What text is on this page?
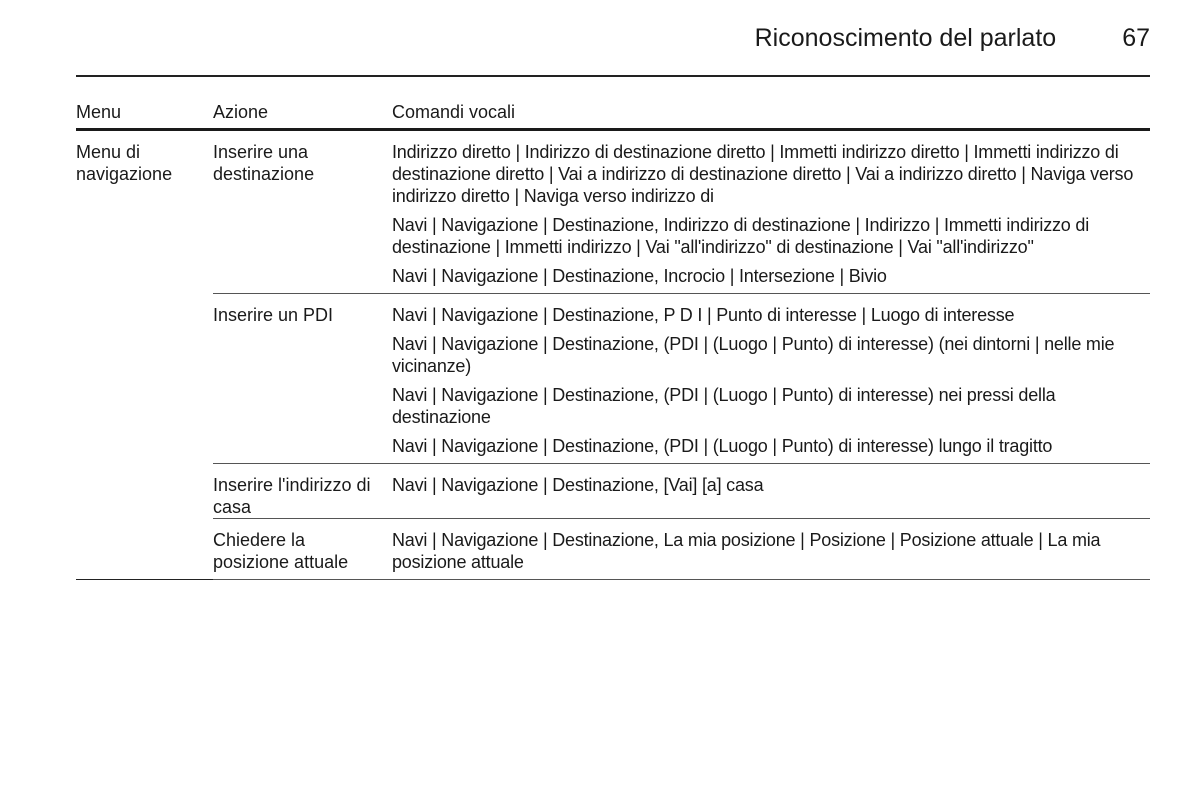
Riconoscimento del parlato	67
Menu	Azione	Comandi vocali
Menu di navigazione	Inserire una destinazione	Indirizzo diretto | Indirizzo di destinazione diretto | Immetti indirizzo diretto | Immetti indirizzo di destinazione diretto | Vai a indirizzo di destinazione diretto | Vai a indirizzo diretto | Naviga verso indirizzo diretto | Naviga verso indirizzo di
Navi | Navigazione | Destinazione, Indirizzo di destinazione | Indirizzo | Immetti indirizzo di destinazione | Immetti indirizzo | Vai "all'indirizzo" di destinazione | Vai "all'indirizzo"
Navi | Navigazione | Destinazione, Incrocio | Intersezione | Bivio

	Inserire un PDI	Navi | Navigazione | Destinazione, P D I | Punto di interesse | Luogo di interesse
Navi | Navigazione | Destinazione, (PDI | (Luogo | Punto) di interesse) (nei dintorni | nelle mie vicinanze)
Navi | Navigazione | Destinazione, (PDI | (Luogo | Punto) di interesse) nei pressi della destinazione
Navi | Navigazione | Destinazione, (PDI | (Luogo | Punto) di interesse) lungo il tragitto

	Inserire l'indirizzo di casa	Navi | Navigazione | Destinazione, [Vai] [a] casa

	Chiedere la posizione attuale	Navi | Navigazione | Destinazione, La mia posizione | Posizione | Posizione attuale | La mia posizione attuale
